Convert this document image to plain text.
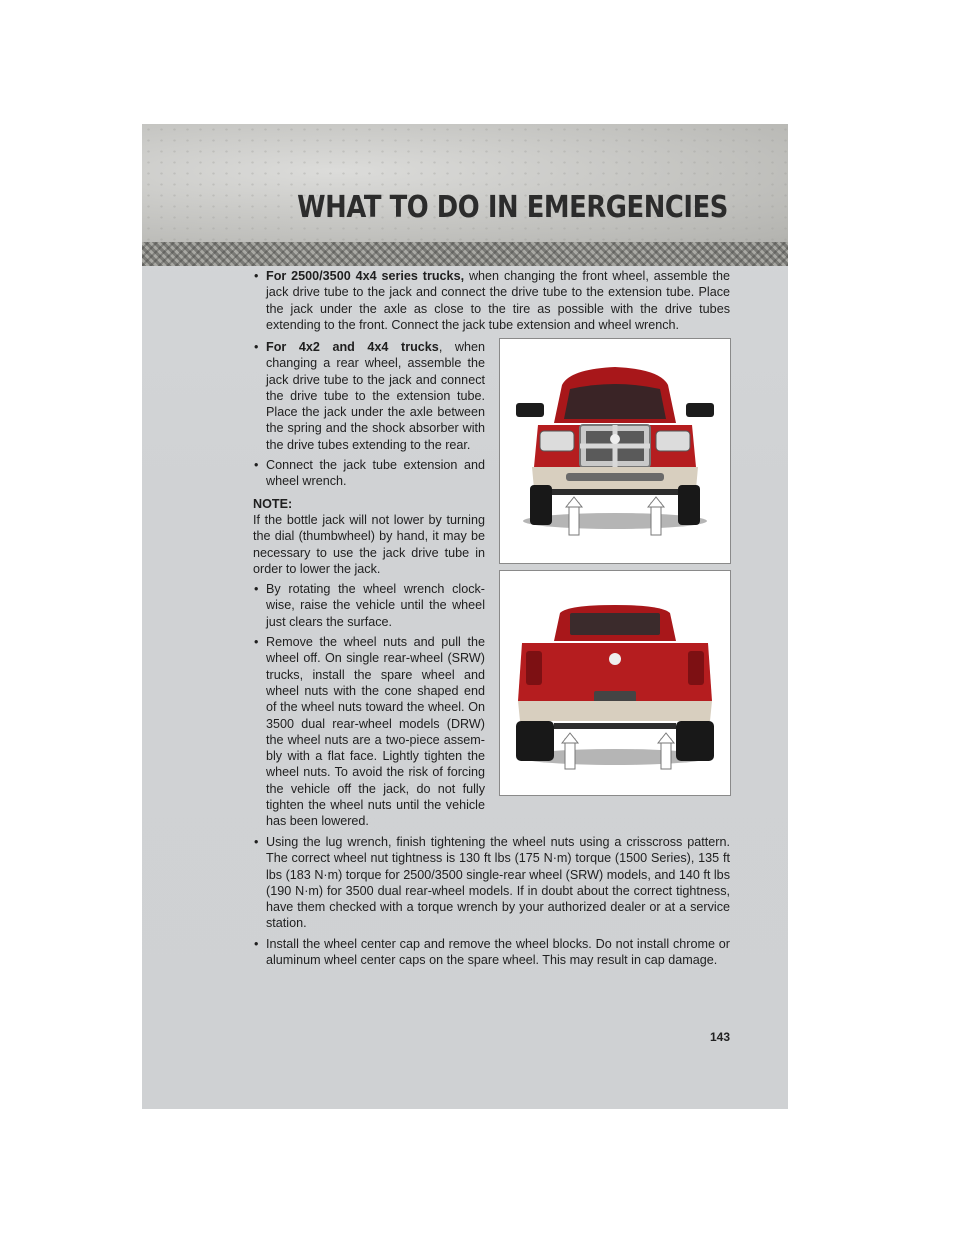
WHAT TO DO IN EMERGENCIES
• For 2500/3500 4x4 series trucks, when changing the front wheel, assemble the jack drive tube to the jack and connect the drive tube to the extension tube. Place the jack under the axle as close to the tire as possible with the drive tubes extending to the front. Connect the jack tube extension and wheel wrench.
• For 4x2 and 4x4 trucks, when changing a rear wheel, assemble the jack drive tube to the jack and connect the drive tube to the extension tube. Place the jack under the axle between the spring and the shock absorber with the drive tubes extending to the rear.
• Connect the jack tube extension and wheel wrench.
NOTE:
If the bottle jack will not lower by turning the dial (thumbwheel) by hand, it may be necessary to use the jack drive tube in order to lower the jack.
• By rotating the wheel wrench clock-wise, raise the vehicle until the wheel just clears the surface.
• Remove the wheel nuts and pull the wheel off. On single rear-wheel (SRW) trucks, install the spare wheel and wheel nuts with the cone shaped end of the wheel nuts toward the wheel. On 3500 dual rear-wheel models (DRW) the wheel nuts are a two-piece assem-bly with a flat face. Lightly tighten the wheel nuts. To avoid the risk of forcing the vehicle off the jack, do not fully tighten the wheel nuts until the vehicle has been lowered.
• Using the lug wrench, finish tightening the wheel nuts using a crisscross pattern. The correct wheel nut tightness is 130 ft lbs (175 N·m) torque (1500 Series), 135 ft lbs (183 N·m) torque for 2500/3500 single-rear wheel (SRW) models, and 140 ft lbs (190 N·m) for 3500 dual rear-wheel models. If in doubt about the correct tightness, have them checked with a torque wrench by your authorized dealer or at a service station.
• Install the wheel center cap and remove the wheel blocks. Do not install chrome or aluminum wheel center caps on the spare wheel. This may result in cap damage.
143
